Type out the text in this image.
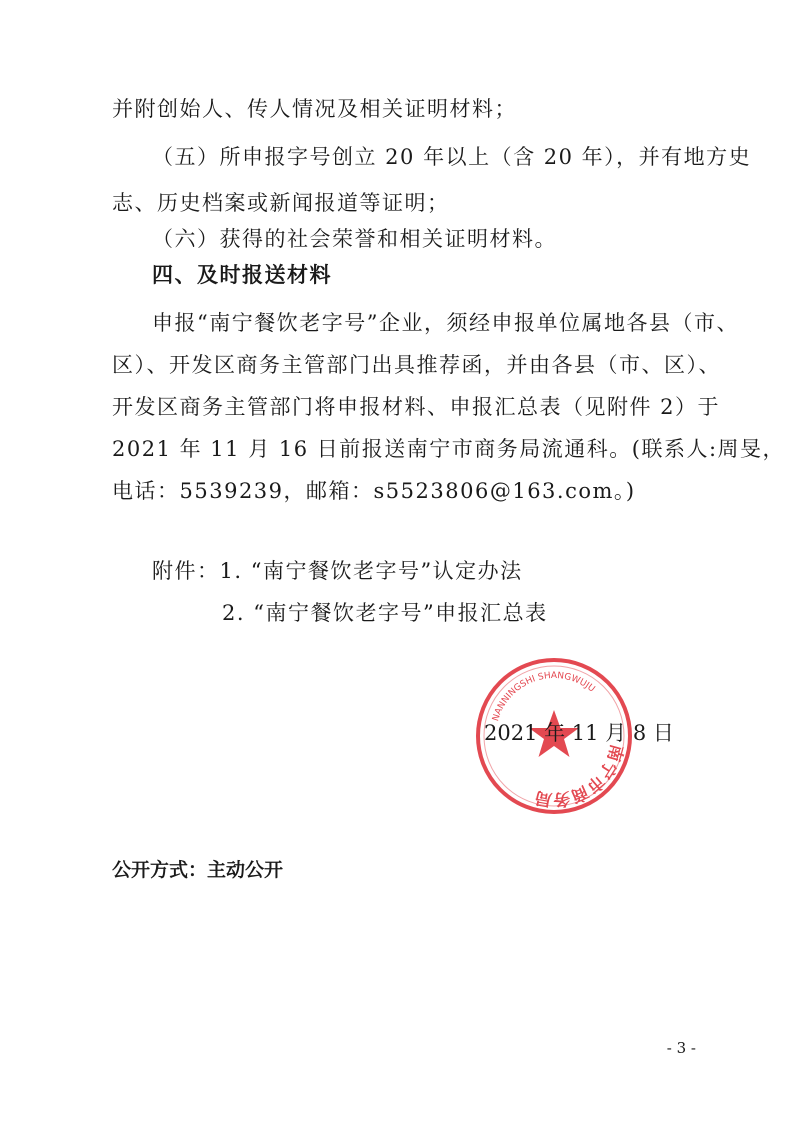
并附创始人、传人情况及相关证明材料；
（五）所申报字号创立 20 年以上（含 20 年），并有地方史
志、历史档案或新闻报道等证明；
（六）获得的社会荣誉和相关证明材料。
四、及时报送材料
申报“南宁餐饮老字号”企业，须经申报单位属地各县（市、
区）、开发区商务主管部门出具推荐函，并由各县（市、区）、
开发区商务主管部门将申报材料、申报汇总表（见附件 2）于
2021 年 11 月 16 日前报送南宁市商务局流通科。(联系人:周旻，
电话：5539239，邮箱：s5523806@163.com。)
附件：1. “南宁餐饮老字号”认定办法
2. “南宁餐饮老字号”申报汇总表
南宁市商务局
NANNINGSHI SHANGWUJU
2021 年 11 月 8 日
公开方式：主动公开
- 3 -
